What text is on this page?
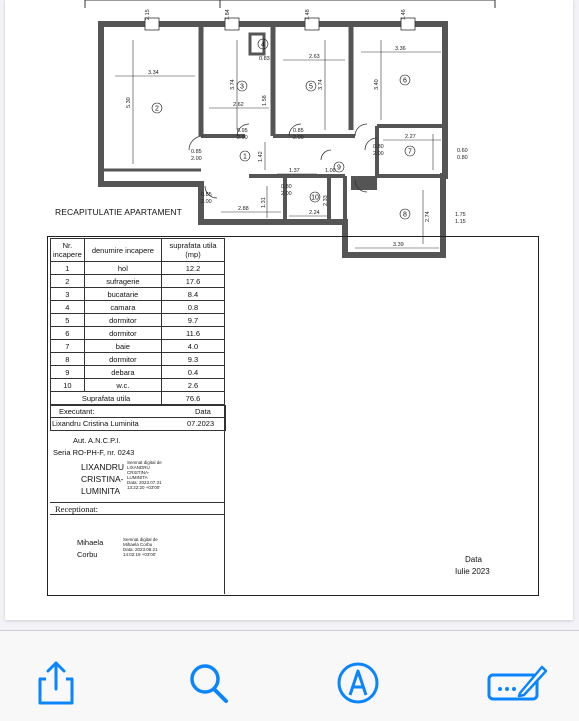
3.34
5.30	2.62
3.74
1.58
0.83	2.63
3.74
3.36
3.40
2.27
1.42
1.37	1.00
2.88
1.31
2.24
0.95
2.00
0.85
2.00
0.85
2.00
0.80
2.00
3.39
2.74	1.75
1.15
0.80
2.00
0.85
2.00	2.33
2.15	1.84	1.48	1.46
0.60
0.80
1
2
3
4
5
6
7
8
9
10
RECAPITULATIE APARTAMENT
Nr. incapere	denumire incapere	suprafata utila (mp)
1	hol	12.2
2	sufragerie	17.6
3	bucatarie	8.4
4	camara	0.8
5	dormitor	9.7
6	dormitor	11.6
7	baie	4.0
8	dormitor	9.3
9	debara	0.4
10	w.c.	2.6
Suprafata utila		76.6
Executant:	Data
Lixandru Cristina Luminita	07.2023
Aut. A.N.C.P.I.
Seria RO-PH-F, nr. 0243
LIXANDRU
CRISTINA-
LUMINITA
Semnat digital de
LIXANDRU
CRISTINA-
LUMINITA
Data: 2023.07.31
13:22:20 +03'00'
Receptionat:
Mihaela
Corbu
Semnat digital de
Mihaela Corbu
Data: 2023.08.21
14:02:19 +03'00'
Data
Iulie 2023
